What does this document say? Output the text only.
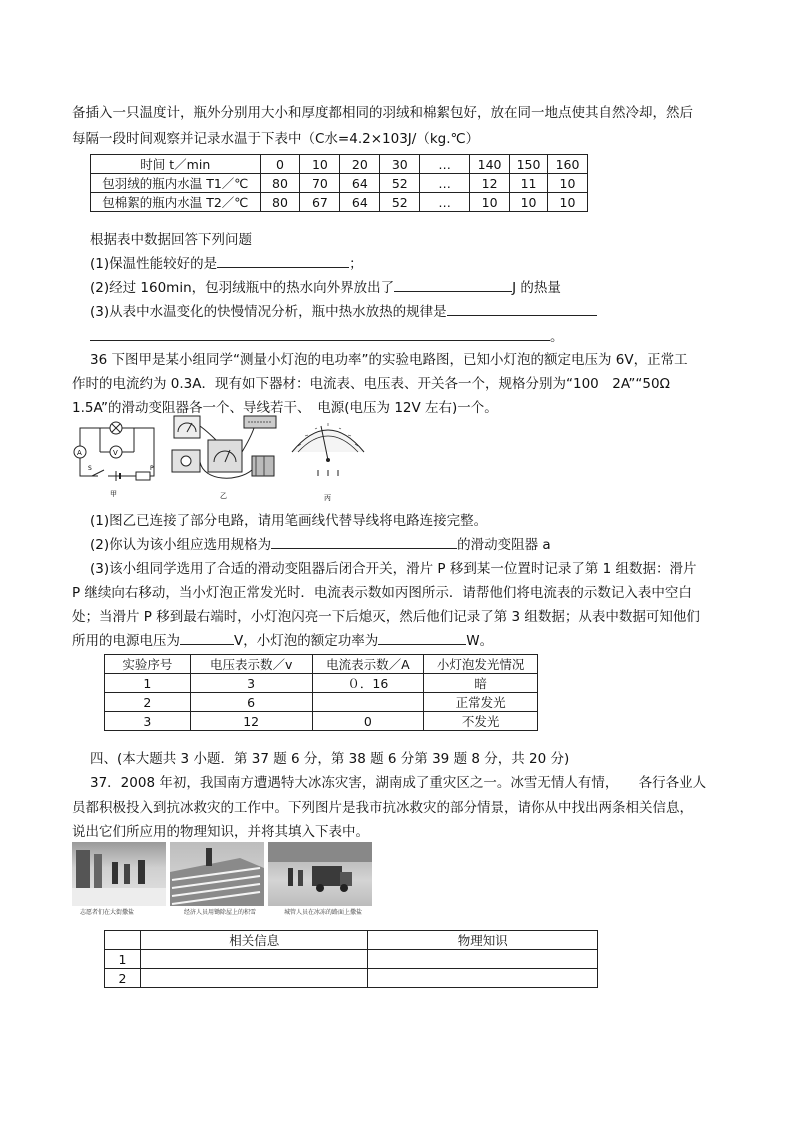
备插入一只温度计，瓶外分别用大小和厚度都相同的羽绒和棉絮包好，放在同一地点使其自然冷却，然后
每隔一段时间观察并记录水温于下表中（C水=4.2×103J/（kg.℃）
时间 t／min	0	10	20	30	…	140	150	160
包羽绒的瓶内水温 T1／℃	80	70	64	52	…	12	11	10
包棉絮的瓶内水温 T2／℃	80	67	64	52	…	10	10	10
根据表中数据回答下列问题
(1)保温性能较好的是	；
(2)经过 160min，包羽绒瓶中的热水向外界放出了	J 的热量
(3)从表中水温变化的快慢情况分析，瓶中热水放热的规律是
。
36 下图甲是某小组同学“测量小灯泡的电功率”的实验电路图，已知小灯泡的额定电压为 6V，正常工
作时的电流约为 0.3A．现有如下器材：电流表、电压表、开关各一个，规格分别为“100　2A”“50Ω
1.5A”的滑动变阻器各一个、导线若干、　电源(电压为 12V 左右)一个。
V
A
S	P
甲	乙	丙
(1)图乙已连接了部分电路，请用笔画线代替导线将电路连接完整。
(2)你认为该小组应选用规格为	的滑动变阻器 a
(3)该小组同学选用了合适的滑动变阻器后闭合开关，滑片 P 移到某一位置时记录了第 1 组数据：滑片
P 继续向右移动，当小灯泡正常发光时．电流表示数如丙图所示．请帮他们将电流表的示数记入表中空白
处；当滑片 P 移到最右端时，小灯泡闪亮一下后熄灭，然后他们记录了第 3 组数据；从表中数据可知他们
所用的电源电压为	V，小灯泡的额定功率为	W。
实验序号	电压表示数／v	电流表示数／A	小灯泡发光情况
1	3	０．16	暗
2	6		正常发光
3	12	0	不发光
四、(本大题共 3 小题．第 37 题 6 分，第 38 题 6 分第 39 题 8 分，共 20 分)
37．2008 年初，我国南方遭遇特大冰冻灾害，湖南成了重灾区之一。冰雪无情人有情，　　各行各业人
员都积极投入到抗冰救灾的工作中。下列图片是我市抗冰救灾的部分情景，请你从中找出两条相关信息，
说出它们所应用的物理知识，并将其填入下表中。
志愿者们在大街撒盐	经济人员用锄除屋上的积雪	城管人员在冰冻的路面上撒盐
	相关信息	物理知识
1		
2		
